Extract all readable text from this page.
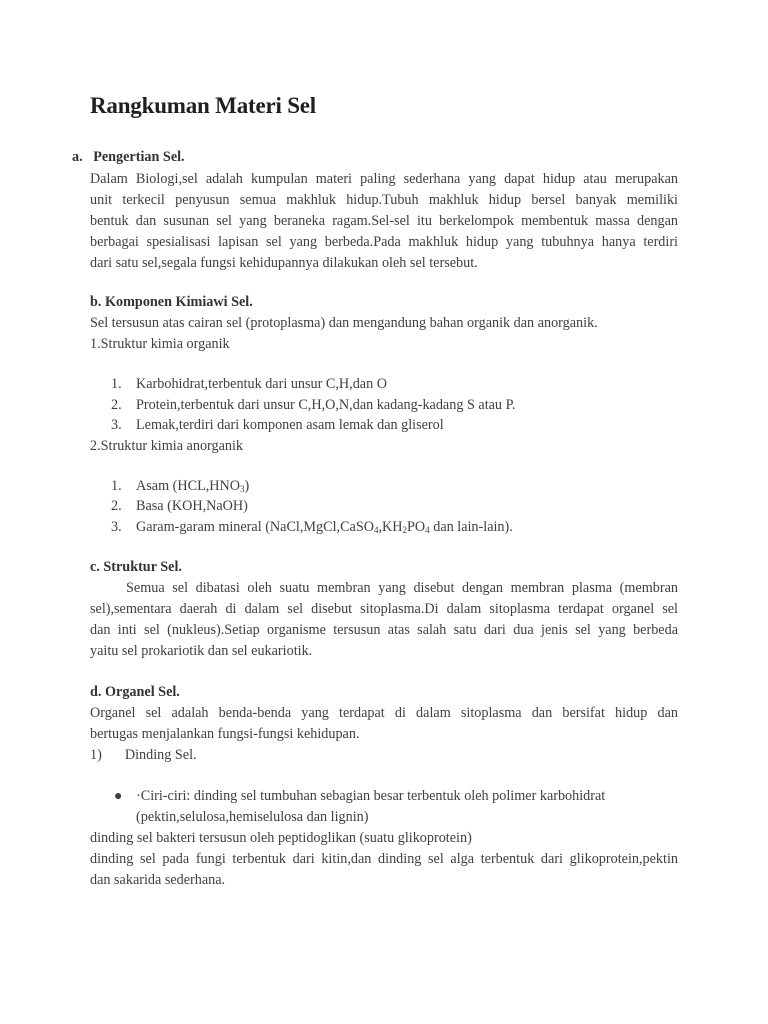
Rangkuman Materi Sel
a. Pengertian Sel.

Dalam Biologi,sel adalah kumpulan materi paling sederhana yang dapat hidup atau merupakan

unit terkecil penyusun semua makhluk hidup.Tubuh makhluk hidup bersel banyak memiliki

bentuk dan susunan sel yang beraneka ragam.Sel-sel itu berkelompok membentuk massa dengan

berbagai spesialisasi lapisan sel yang berbeda.Pada makhluk hidup yang tubuhnya hanya terdiri

dari satu sel,segala fungsi kehidupannya dilakukan oleh sel tersebut.

b. Komponen Kimiawi Sel.

Sel tersusun atas cairan sel (protoplasma) dan mengandung bahan organik dan anorganik.

1.Struktur kimia organik

1. Karbohidrat,terbentuk dari unsur C,H,dan O
2. Protein,terbentuk dari unsur C,H,O,N,dan kadang-kadang S atau P.
3. Lemak,terdiri dari komponen asam lemak dan gliserol

2.Struktur kimia anorganik

1. Asam $(HCL,HNO_3)$
2. Basa (KOH,NaOH)
3. Garam-garam mineral ($NaCl,MgCl,CaSO_4,KH_2PO_4$ dan lain-lain).

c. Struktur Sel.

Semua sel dibatasi oleh suatu membran yang disebut dengan membran plasma (membran

sel),sementara daerah di dalam sel disebut sitoplasma.Di dalam sitoplasma terdapat organel sel

dan inti sel (nukleus).Setiap organisme tersusun atas salah satu dari dua jenis sel yang berbeda

yaitu sel prokariotik dan sel eukariotik.

d. Organel Sel.

Organel sel adalah benda-benda yang terdapat di dalam sitoplasma dan bersifat hidup dan

bertugas menjalankan fungsi-fungsi kehidupan.

1) Dinding Sel.

● ·Ciri-ciri: dinding sel tumbuhan sebagian besar terbentuk oleh polimer karbohidrat
(pektin,selulosa,hemiselulosa dan lignin)

dinding sel bakteri tersusun oleh peptidoglikan (suatu glikoprotein)

dinding sel pada fungi terbentuk dari kitin,dan dinding sel alga terbentuk dari glikoprotein,pektin

dan sakarida sederhana.
